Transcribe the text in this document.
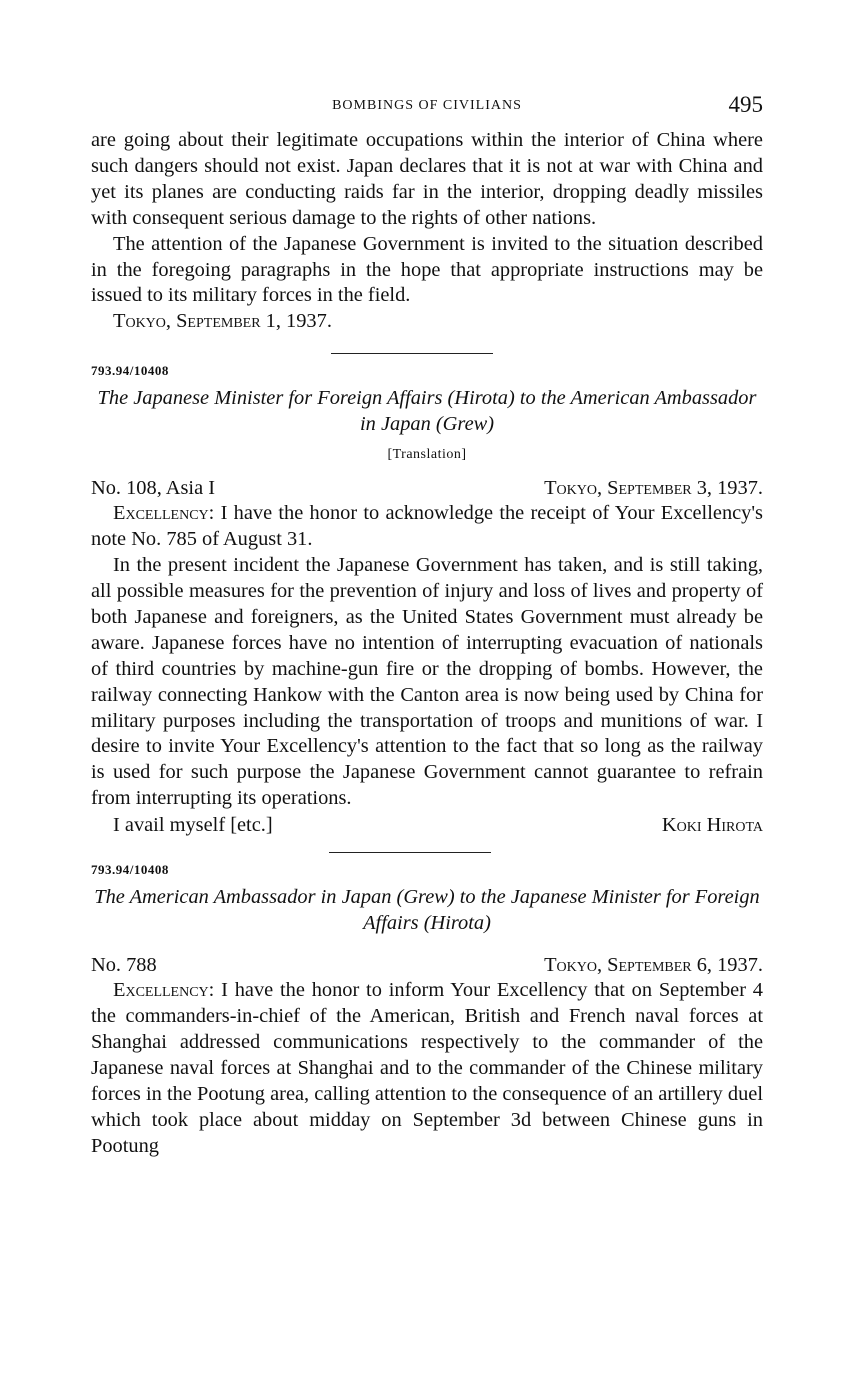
BOMBINGS OF CIVILIANS	495

are going about their legitimate occupations within the interior of China where such dangers should not exist. Japan declares that it is not at war with China and yet its planes are conducting raids far in the interior, dropping deadly missiles with consequent serious damage to the rights of other nations.

The attention of the Japanese Government is invited to the situation described in the foregoing paragraphs in the hope that appropriate instructions may be issued to its military forces in the field.

Tokyo, September 1, 1937.

793.94/10408
The Japanese Minister for Foreign Affairs (Hirota) to the American Ambassador in Japan (Grew)
[Translation]
No. 108, Asia I	Tokyo, September 3, 1937.

Excellency: I have the honor to acknowledge the receipt of Your Excellency's note No. 785 of August 31.

In the present incident the Japanese Government has taken, and is still taking, all possible measures for the prevention of injury and loss of lives and property of both Japanese and foreigners, as the United States Government must already be aware. Japanese forces have no intention of interrupting evacuation of nationals of third countries by machine-gun fire or the dropping of bombs. However, the railway connecting Hankow with the Canton area is now being used by China for military purposes including the transportation of troops and munitions of war. I desire to invite Your Excellency's attention to the fact that so long as the railway is used for such purpose the Japanese Government cannot guarantee to refrain from interrupting its operations.

I avail myself [etc.]	Koki Hirota
793.94/10408
The American Ambassador in Japan (Grew) to the Japanese Minister for Foreign Affairs (Hirota)
No. 788	Tokyo, September 6, 1937.

Excellency: I have the honor to inform Your Excellency that on September 4 the commanders-in-chief of the American, British and French naval forces at Shanghai addressed communications respectively to the commander of the Japanese naval forces at Shanghai and to the commander of the Chinese military forces in the Pootung area, calling attention to the consequence of an artillery duel which took place about midday on September 3d between Chinese guns in Pootung
